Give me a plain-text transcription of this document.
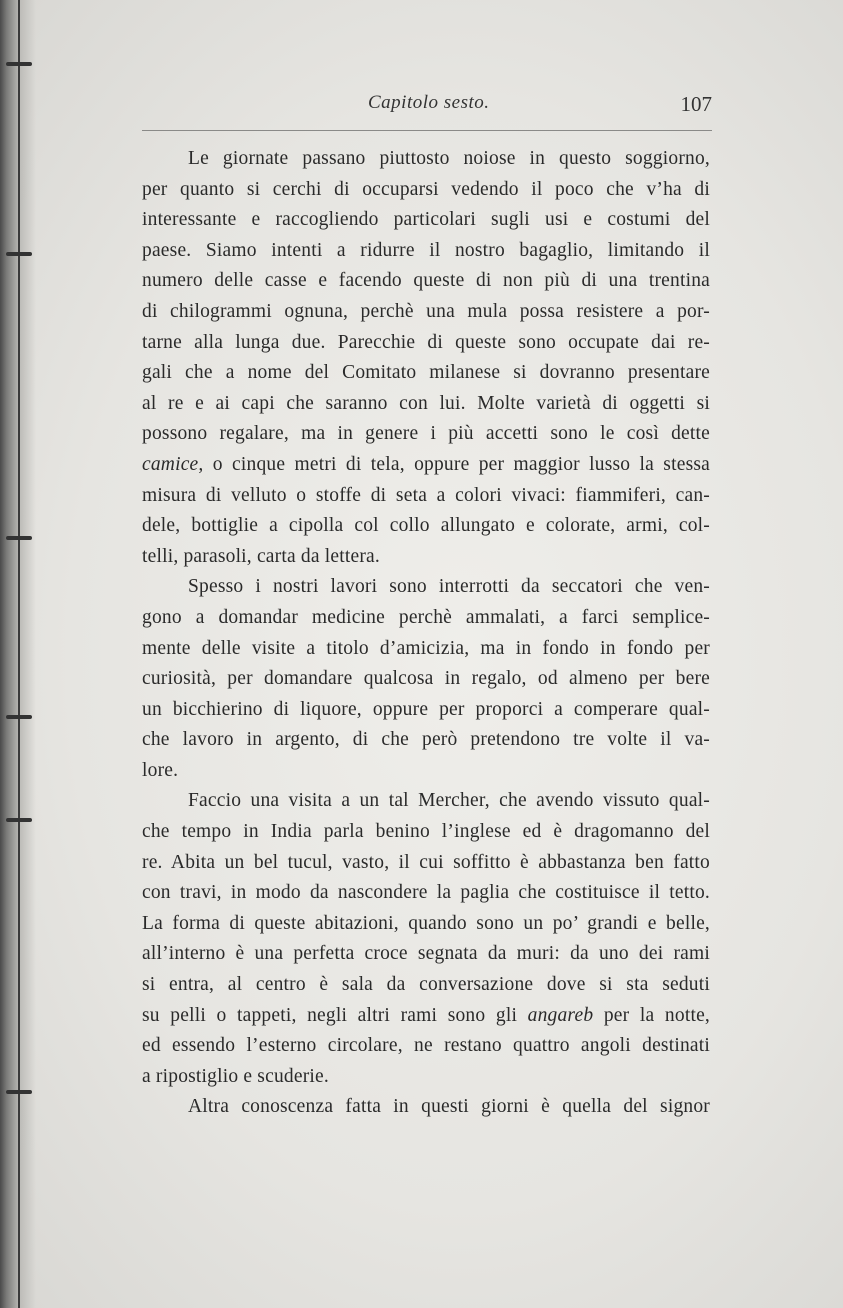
Capitolo sesto.	107
Le giornate passano piuttosto noiose in questo soggiorno,
per quanto si cerchi di occuparsi vedendo il poco che v’ha di
interessante e raccogliendo particolari sugli usi e costumi del
paese. Siamo intenti a ridurre il nostro bagaglio, limitando il
numero delle casse e facendo queste di non più di una trentina
di chilogrammi ognuna, perchè una mula possa resistere a por-
tarne alla lunga due. Parecchie di queste sono occupate dai re-
gali che a nome del Comitato milanese si dovranno presentare
al re e ai capi che saranno con lui. Molte varietà di oggetti si
possono regalare, ma in genere i più accetti sono le così dette
camice, o cinque metri di tela, oppure per maggior lusso la stessa
misura di velluto o stoffe di seta a colori vivaci: fiammiferi, can-
dele, bottiglie a cipolla col collo allungato e colorate, armi, col-
telli, parasoli, carta da lettera.
Spesso i nostri lavori sono interrotti da seccatori che ven-
gono a domandar medicine perchè ammalati, a farci semplice-
mente delle visite a titolo d’amicizia, ma in fondo in fondo per
curiosità, per domandare qualcosa in regalo, od almeno per bere
un bicchierino di liquore, oppure per proporci a comperare qual-
che lavoro in argento, di che però pretendono tre volte il va-
lore.
Faccio una visita a un tal Mercher, che avendo vissuto qual-
che tempo in India parla benino l’inglese ed è dragomanno del
re. Abita un bel tucul, vasto, il cui soffitto è abbastanza ben fatto
con travi, in modo da nascondere la paglia che costituisce il tetto.
La forma di queste abitazioni, quando sono un po’ grandi e belle,
all’interno è una perfetta croce segnata da muri: da uno dei rami
si entra, al centro è sala da conversazione dove si sta seduti
su pelli o tappeti, negli altri rami sono gli angareb per la notte,
ed essendo l’esterno circolare, ne restano quattro angoli destinati
a ripostiglio e scuderie.
Altra conoscenza fatta in questi giorni è quella del signor
